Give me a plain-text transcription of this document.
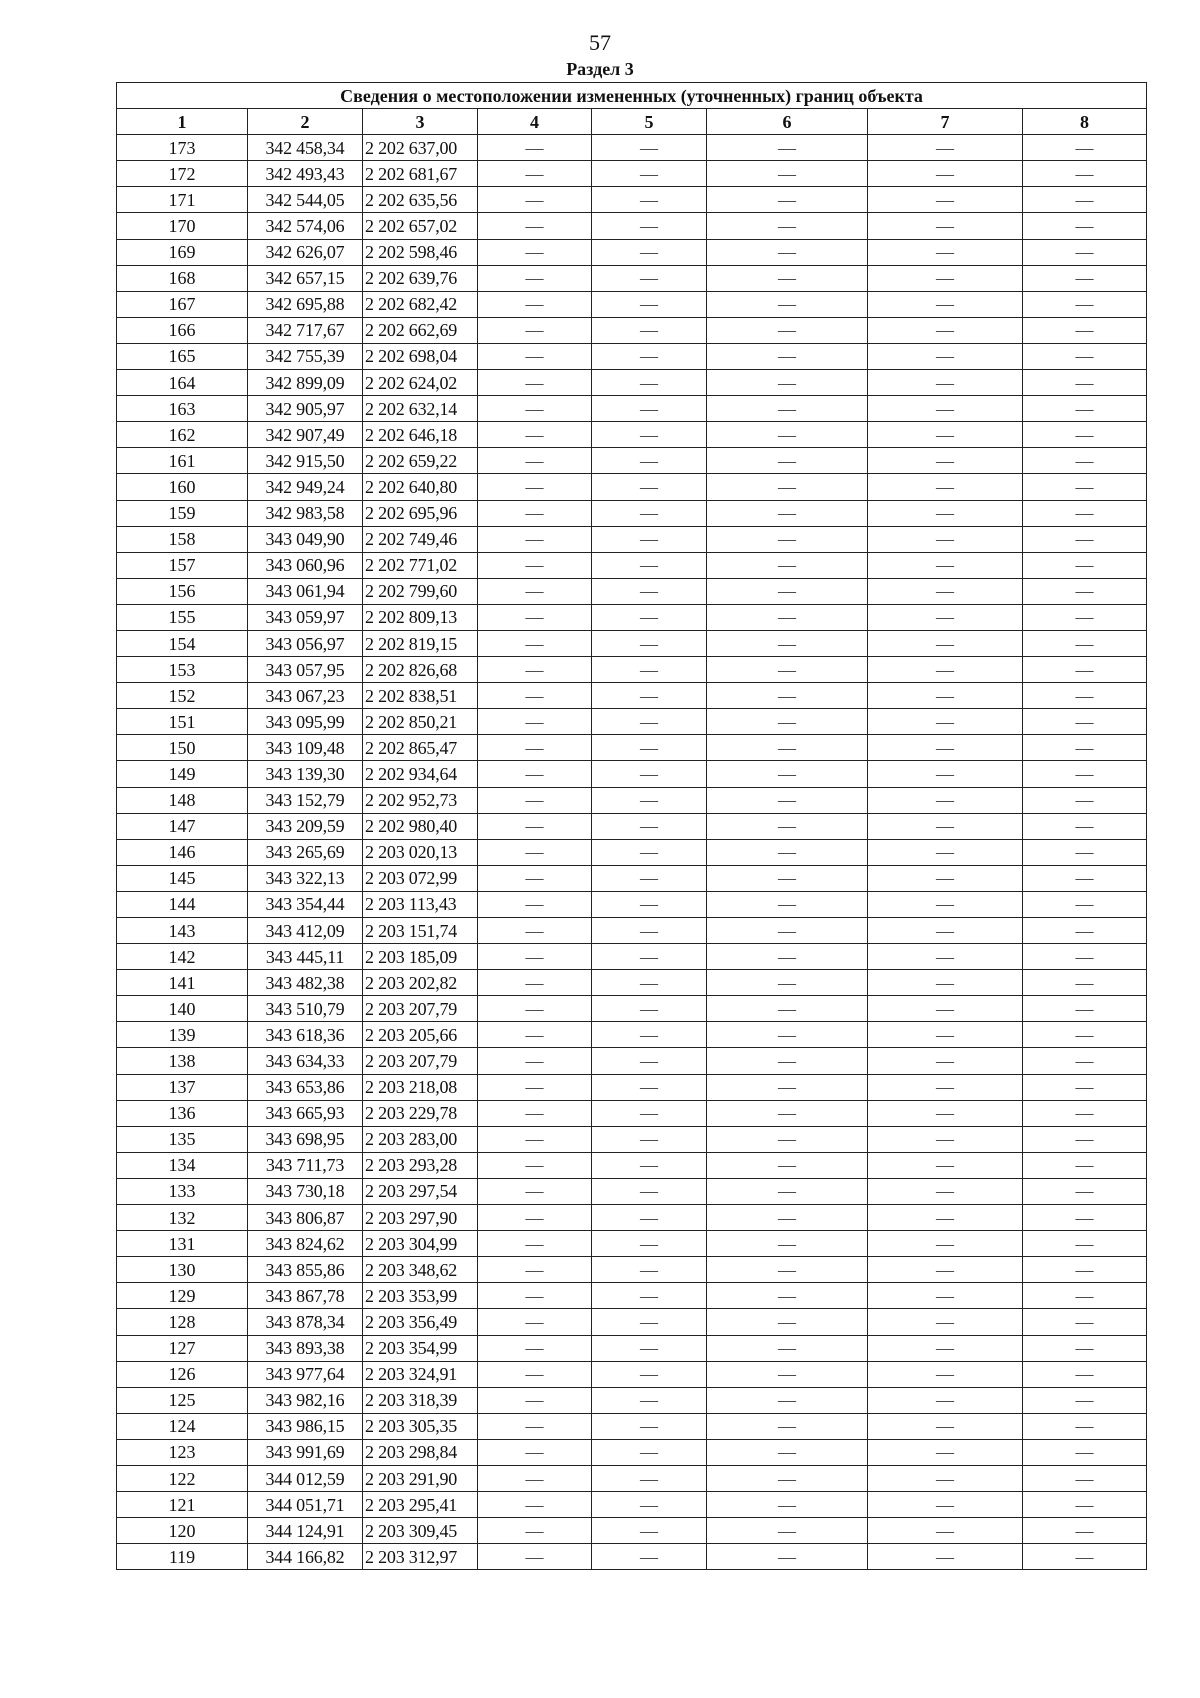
57
Раздел 3
Сведения о местоположении измененных (уточненных) границ объекта							
1	2	3	4	5	6	7	8
173	342 458,34	2 202 637,00	—	—	—	—	—
172	342 493,43	2 202 681,67	—	—	—	—	—
171	342 544,05	2 202 635,56	—	—	—	—	—
170	342 574,06	2 202 657,02	—	—	—	—	—
169	342 626,07	2 202 598,46	—	—	—	—	—
168	342 657,15	2 202 639,76	—	—	—	—	—
167	342 695,88	2 202 682,42	—	—	—	—	—
166	342 717,67	2 202 662,69	—	—	—	—	—
165	342 755,39	2 202 698,04	—	—	—	—	—
164	342 899,09	2 202 624,02	—	—	—	—	—
163	342 905,97	2 202 632,14	—	—	—	—	—
162	342 907,49	2 202 646,18	—	—	—	—	—
161	342 915,50	2 202 659,22	—	—	—	—	—
160	342 949,24	2 202 640,80	—	—	—	—	—
159	342 983,58	2 202 695,96	—	—	—	—	—
158	343 049,90	2 202 749,46	—	—	—	—	—
157	343 060,96	2 202 771,02	—	—	—	—	—
156	343 061,94	2 202 799,60	—	—	—	—	—
155	343 059,97	2 202 809,13	—	—	—	—	—
154	343 056,97	2 202 819,15	—	—	—	—	—
153	343 057,95	2 202 826,68	—	—	—	—	—
152	343 067,23	2 202 838,51	—	—	—	—	—
151	343 095,99	2 202 850,21	—	—	—	—	—
150	343 109,48	2 202 865,47	—	—	—	—	—
149	343 139,30	2 202 934,64	—	—	—	—	—
148	343 152,79	2 202 952,73	—	—	—	—	—
147	343 209,59	2 202 980,40	—	—	—	—	—
146	343 265,69	2 203 020,13	—	—	—	—	—
145	343 322,13	2 203 072,99	—	—	—	—	—
144	343 354,44	2 203 113,43	—	—	—	—	—
143	343 412,09	2 203 151,74	—	—	—	—	—
142	343 445,11	2 203 185,09	—	—	—	—	—
141	343 482,38	2 203 202,82	—	—	—	—	—
140	343 510,79	2 203 207,79	—	—	—	—	—
139	343 618,36	2 203 205,66	—	—	—	—	—
138	343 634,33	2 203 207,79	—	—	—	—	—
137	343 653,86	2 203 218,08	—	—	—	—	—
136	343 665,93	2 203 229,78	—	—	—	—	—
135	343 698,95	2 203 283,00	—	—	—	—	—
134	343 711,73	2 203 293,28	—	—	—	—	—
133	343 730,18	2 203 297,54	—	—	—	—	—
132	343 806,87	2 203 297,90	—	—	—	—	—
131	343 824,62	2 203 304,99	—	—	—	—	—
130	343 855,86	2 203 348,62	—	—	—	—	—
129	343 867,78	2 203 353,99	—	—	—	—	—
128	343 878,34	2 203 356,49	—	—	—	—	—
127	343 893,38	2 203 354,99	—	—	—	—	—
126	343 977,64	2 203 324,91	—	—	—	—	—
125	343 982,16	2 203 318,39	—	—	—	—	—
124	343 986,15	2 203 305,35	—	—	—	—	—
123	343 991,69	2 203 298,84	—	—	—	—	—
122	344 012,59	2 203 291,90	—	—	—	—	—
121	344 051,71	2 203 295,41	—	—	—	—	—
120	344 124,91	2 203 309,45	—	—	—	—	—
119	344 166,82	2 203 312,97	—	—	—	—	—
